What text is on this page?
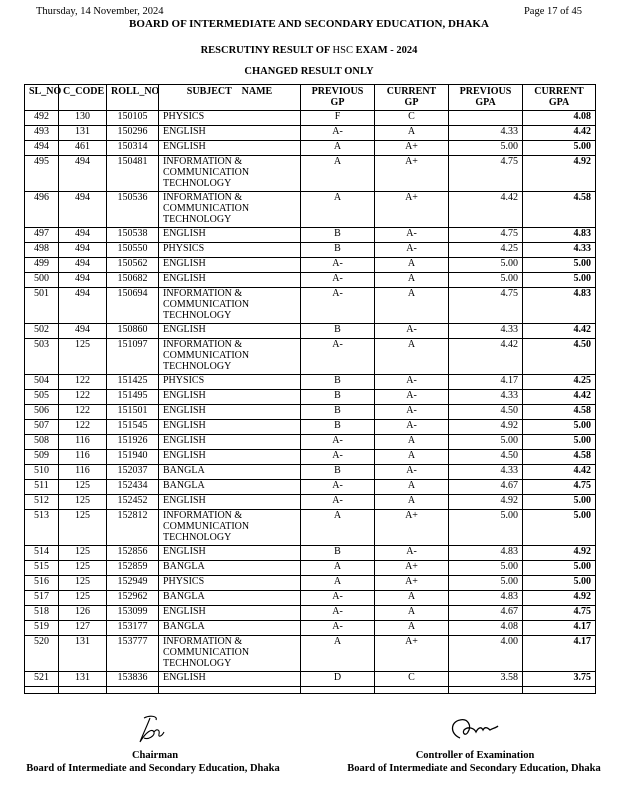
Thursday, 14 November, 2024	Page 17 of 45
BOARD OF INTERMEDIATE AND SECONDARY EDUCATION, DHAKA
RESCRUTINY RESULT OF HSC EXAM - 2024
CHANGED RESULT ONLY
SL_NO	C_CODE	ROLL_NO	SUBJECT    NAME	PREVIOUS GP	CURRENT GP	PREVIOUS GPA	CURRENT GPA
492	130	150105	PHYSICS	F	C		4.08
493	131	150296	ENGLISH	A-	A	4.33	4.42
494	461	150314	ENGLISH	A	A+	5.00	5.00
495	494	150481	INFORMATION & COMMUNICATION TECHNOLOGY	A	A+	4.75	4.92
496	494	150536	INFORMATION & COMMUNICATION TECHNOLOGY	A	A+	4.42	4.58
497	494	150538	ENGLISH	B	A-	4.75	4.83
498	494	150550	PHYSICS	B	A-	4.25	4.33
499	494	150562	ENGLISH	A-	A	5.00	5.00
500	494	150682	ENGLISH	A-	A	5.00	5.00
501	494	150694	INFORMATION & COMMUNICATION TECHNOLOGY	A-	A	4.75	4.83
502	494	150860	ENGLISH	B	A-	4.33	4.42
503	125	151097	INFORMATION & COMMUNICATION TECHNOLOGY	A-	A	4.42	4.50
504	122	151425	PHYSICS	B	A-	4.17	4.25
505	122	151495	ENGLISH	B	A-	4.33	4.42
506	122	151501	ENGLISH	B	A-	4.50	4.58
507	122	151545	ENGLISH	B	A-	4.92	5.00
508	116	151926	ENGLISH	A-	A	5.00	5.00
509	116	151940	ENGLISH	A-	A	4.50	4.58
510	116	152037	BANGLA	B	A-	4.33	4.42
511	125	152434	BANGLA	A-	A	4.67	4.75
512	125	152452	ENGLISH	A-	A	4.92	5.00
513	125	152812	INFORMATION & COMMUNICATION TECHNOLOGY	A	A+	5.00	5.00
514	125	152856	ENGLISH	B	A-	4.83	4.92
515	125	152859	BANGLA	A	A+	5.00	5.00
516	125	152949	PHYSICS	A	A+	5.00	5.00
517	125	152962	BANGLA	A-	A	4.83	4.92
518	126	153099	ENGLISH	A-	A	4.67	4.75
519	127	153177	BANGLA	A-	A	4.08	4.17
520	131	153777	INFORMATION & COMMUNICATION TECHNOLOGY	A	A+	4.00	4.17
521	131	153836	ENGLISH	D	C	3.58	3.75

Chairman
Board of Intermediate and Secondary Education, Dhaka
Controller of Examination
Board of Intermediate and Secondary Education, Dhaka
